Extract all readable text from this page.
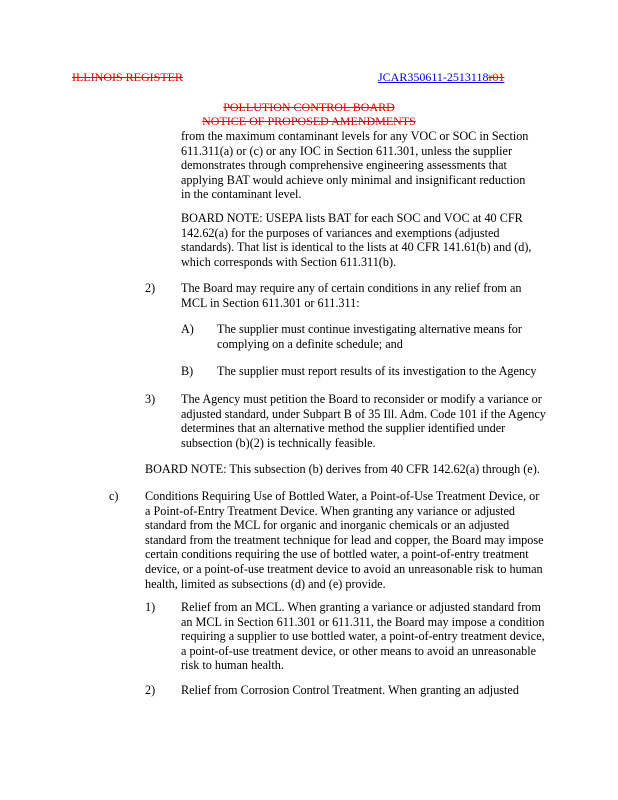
ILLINOIS REGISTER	JCAR350611-2513118r01
POLLUTION CONTROL BOARD
NOTICE OF PROPOSED AMENDMENTS
from the maximum contaminant levels for any VOC or SOC in Section
611.311(a) or (c) or any IOC in Section 611.301, unless the supplier
demonstrates through comprehensive engineering assessments that
applying BAT would achieve only minimal and insignificant reduction
in the contaminant level.
BOARD NOTE: USEPA lists BAT for each SOC and VOC at 40 CFR
142.62(a) for the purposes of variances and exemptions (adjusted
standards). That list is identical to the lists at 40 CFR 141.61(b) and (d),
which corresponds with Section 611.311(b).
2) The Board may require any of certain conditions in any relief from an
MCL in Section 611.301 or 611.311:
A) The supplier must continue investigating alternative means for
complying on a definite schedule; and
B) The supplier must report results of its investigation to the Agency
3) The Agency must petition the Board to reconsider or modify a variance or
adjusted standard, under Subpart B of 35 Ill. Adm. Code 101 if the Agency
determines that an alternative method the supplier identified under
subsection (b)(2) is technically feasible.
BOARD NOTE: This subsection (b) derives from 40 CFR 142.62(a) through (e).
c) Conditions Requiring Use of Bottled Water, a Point-of-Use Treatment Device, or
a Point-of-Entry Treatment Device. When granting any variance or adjusted
standard from the MCL for organic and inorganic chemicals or an adjusted
standard from the treatment technique for lead and copper, the Board may impose
certain conditions requiring the use of bottled water, a point-of-entry treatment
device, or a point-of-use treatment device to avoid an unreasonable risk to human
health, limited as subsections (d) and (e) provide.
1) Relief from an MCL. When granting a variance or adjusted standard from
an MCL in Section 611.301 or 611.311, the Board may impose a condition
requiring a supplier to use bottled water, a point-of-entry treatment device,
a point-of-use treatment device, or other means to avoid an unreasonable
risk to human health.
2) Relief from Corrosion Control Treatment. When granting an adjusted
